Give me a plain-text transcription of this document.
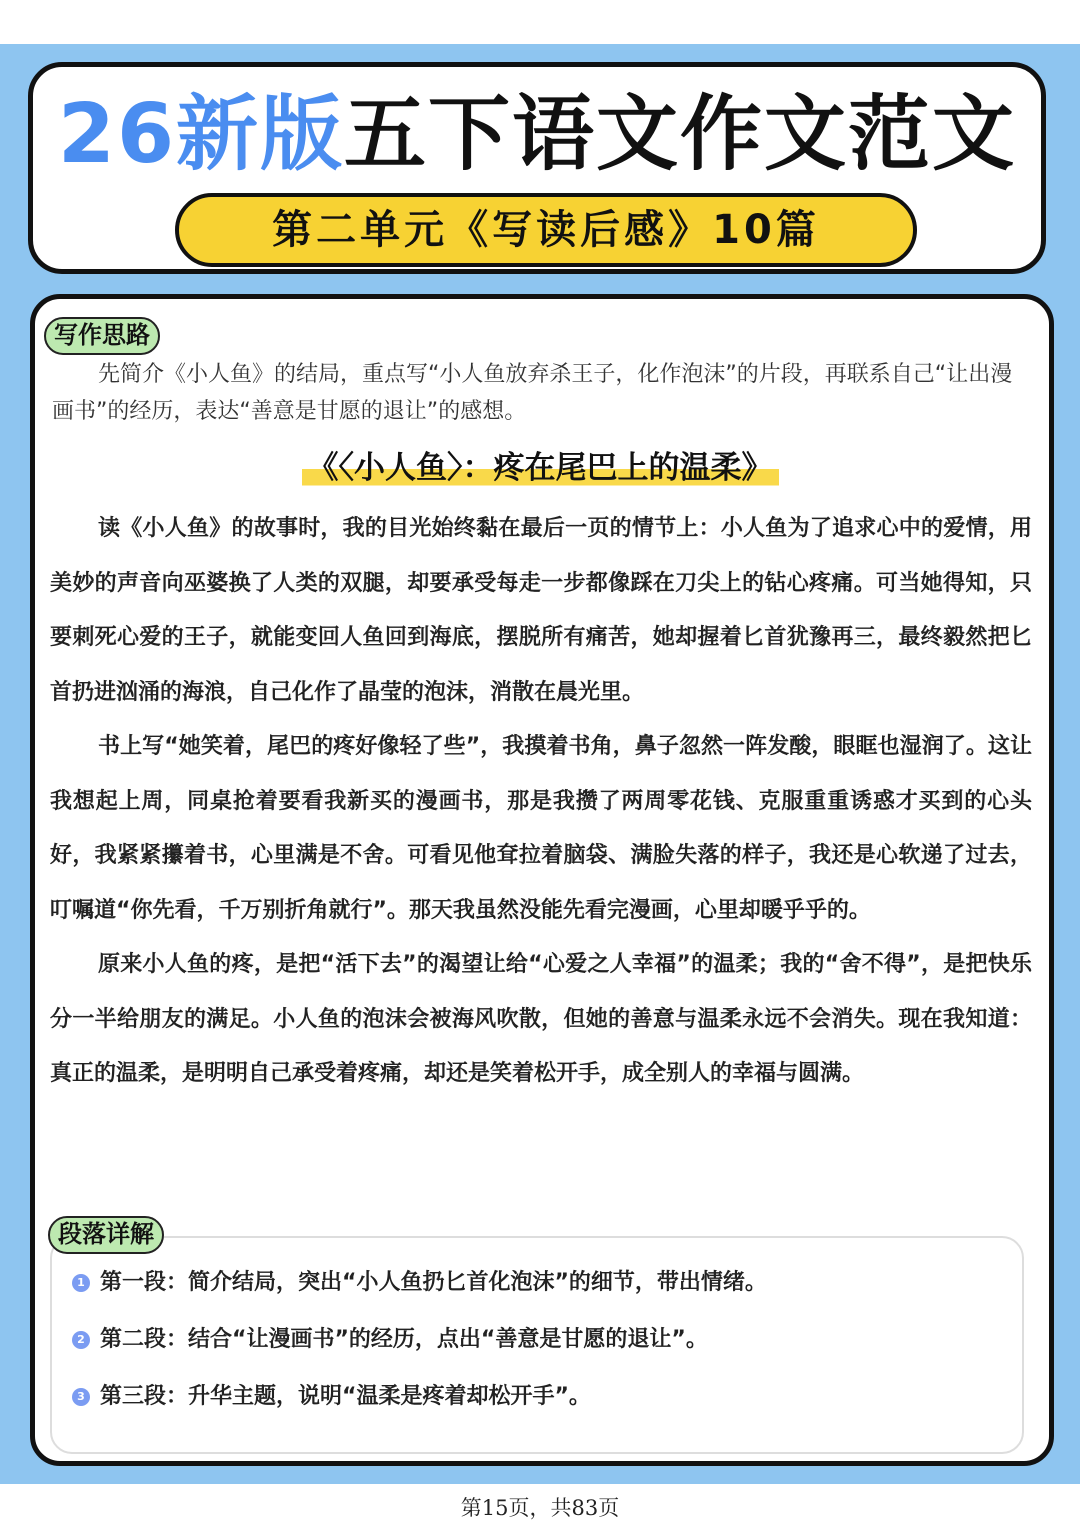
26新版五下语文作文范文
第二单元《写读后感》10篇
写作思路
先简介《小人鱼》的结局，重点写“小人鱼放弃杀王子，化作泡沫”的片段，再联系自己“让出漫画书”的经历，表达“善意是甘愿的退让”的感想。
《〈小人鱼〉：疼在尾巴上的温柔》

读《小人鱼》的故事时，我的目光始终黏在最后一页的情节上：小人鱼为了追求心中的爱情，用美妙的声音向巫婆换了人类的双腿，却要承受每走一步都像踩在刀尖上的钻心疼痛。可当她得知，只要刺死心爱的王子，就能变回人鱼回到海底，摆脱所有痛苦，她却握着匕首犹豫再三，最终毅然把匕首扔进汹涌的海浪，自己化作了晶莹的泡沫，消散在晨光里。

书上写“她笑着，尾巴的疼好像轻了些”，我摸着书角，鼻子忽然一阵发酸，眼眶也湿润了。这让我想起上周，同桌抢着要看我新买的漫画书，那是我攒了两周零花钱、克服重重诱惑才买到的心头好，我紧紧攥着书，心里满是不舍。可看见他耷拉着脑袋、满脸失落的样子，我还是心软递了过去，叮嘱道“你先看，千万别折角就行”。那天我虽然没能先看完漫画，心里却暖乎乎的。

原来小人鱼的疼，是把“活下去”的渴望让给“心爱之人幸福”的温柔；我的“舍不得”，是把快乐分一半给朋友的满足。小人鱼的泡沫会被海风吹散，但她的善意与温柔永远不会消失。现在我知道：真正的温柔，是明明自己承受着疼痛，却还是笑着松开手，成全别人的幸福与圆满。

段落详解
1 第一段：简介结局，突出“小人鱼扔匕首化泡沫”的细节，带出情绪。
2 第二段：结合“让漫画书”的经历，点出“善意是甘愿的退让”。
3 第三段：升华主题，说明“温柔是疼着却松开手”。
第15页，共83页
